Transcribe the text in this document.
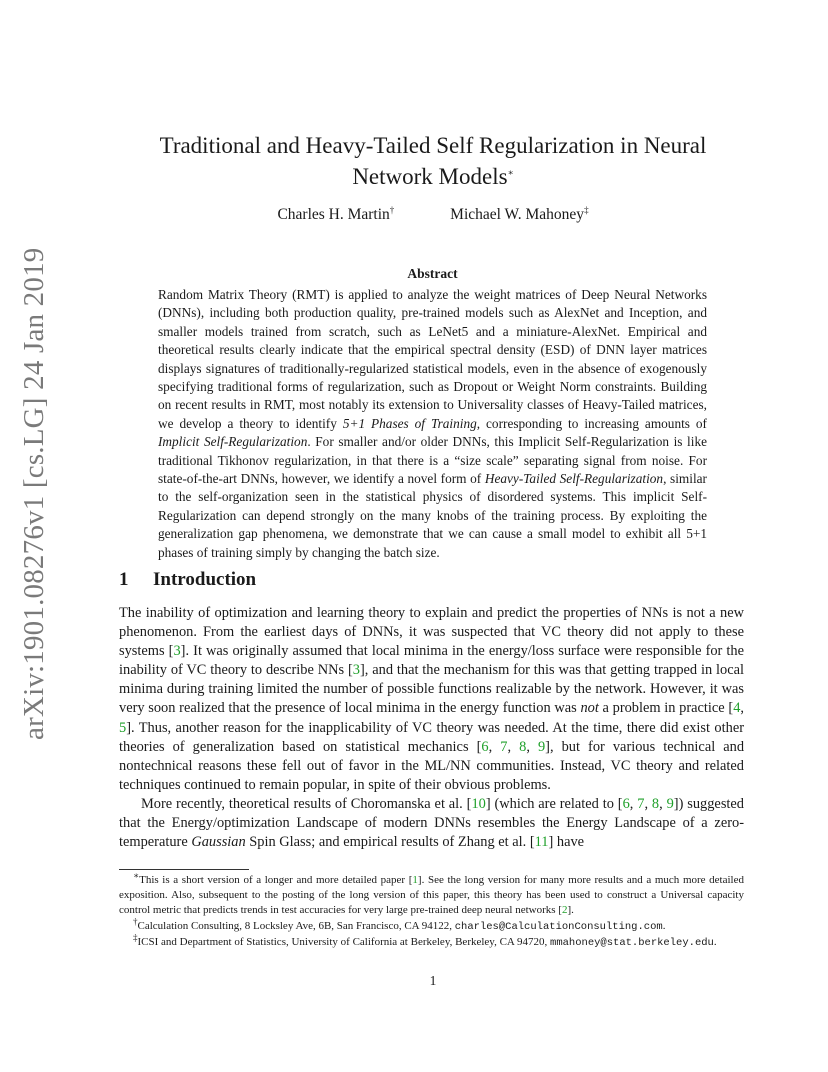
arXiv:1901.08276v1 [cs.LG] 24 Jan 2019
Traditional and Heavy-Tailed Self Regularization in Neural
Network Models∗
Charles H. Martin†	Michael W. Mahoney‡
Abstract

Random Matrix Theory (RMT) is applied to analyze the weight matrices of Deep Neural Networks (DNNs), including both production quality, pre-trained models such as AlexNet and Inception, and smaller models trained from scratch, such as LeNet5 and a miniature-AlexNet. Empirical and theoretical results clearly indicate that the empirical spectral density (ESD) of DNN layer matrices displays signatures of traditionally-regularized statistical models, even in the absence of exogenously specifying traditional forms of regularization, such as Dropout or Weight Norm constraints. Building on recent results in RMT, most notably its extension to Universality classes of Heavy-Tailed matrices, we develop a theory to identify 5+1 Phases of Training, corresponding to increasing amounts of Implicit Self-Regularization. For smaller and/or older DNNs, this Implicit Self-Regularization is like traditional Tikhonov regularization, in that there is a “size scale” separating signal from noise. For state-of-the-art DNNs, however, we identify a novel form of Heavy-Tailed Self-Regularization, similar to the self-organization seen in the statistical physics of disordered systems. This implicit Self-Regularization can depend strongly on the many knobs of the training process. By exploiting the generalization gap phenomena, we demonstrate that we can cause a small model to exhibit all 5+1 phases of training simply by changing the batch size.

1 Introduction

The inability of optimization and learning theory to explain and predict the properties of NNs is not a new phenomenon. From the earliest days of DNNs, it was suspected that VC theory did not apply to these systems [3]. It was originally assumed that local minima in the energy/loss surface were responsible for the inability of VC theory to describe NNs [3], and that the mechanism for this was that getting trapped in local minima during training limited the number of possible functions realizable by the network. However, it was very soon realized that the presence of local minima in the energy function was not a problem in practice [4, 5]. Thus, another reason for the inapplicability of VC theory was needed. At the time, there did exist other theories of generalization based on statistical mechanics [6, 7, 8, 9], but for various technical and nontechnical reasons these fell out of favor in the ML/NN communities. Instead, VC theory and related techniques continued to remain popular, in spite of their obvious problems.

More recently, theoretical results of Choromanska et al. [10] (which are related to [6, 7, 8, 9]) suggested that the Energy/optimization Landscape of modern DNNs resembles the Energy Landscape of a zero-temperature Gaussian Spin Glass; and empirical results of Zhang et al. [11] have

∗This is a short version of a longer and more detailed paper [1]. See the long version for many more results and a much more detailed exposition. Also, subsequent to the posting of the long version of this paper, this theory has been used to construct a Universal capacity control metric that predicts trends in test accuracies for very large pre-trained deep neural networks [2].

†Calculation Consulting, 8 Locksley Ave, 6B, San Francisco, CA 94122, charles@CalculationConsulting.com.

‡ICSI and Department of Statistics, University of California at Berkeley, Berkeley, CA 94720, mmahoney@stat.berkeley.edu.

1
